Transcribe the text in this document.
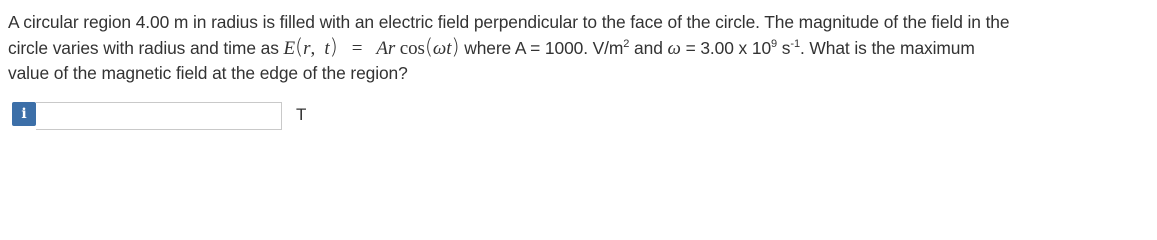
A circular region 4.00 m in radius is filled with an electric field perpendicular to the face of the circle. The magnitude of the field in the
circle varies with radius and time as E(r, t) = Ar cos(ωt) where A = 1000. $V/m^2$ and ω = 3.00 x $10^9$ $s^{-1}$. What is the maximum
value of the magnetic field at the edge of the region?
i	T
